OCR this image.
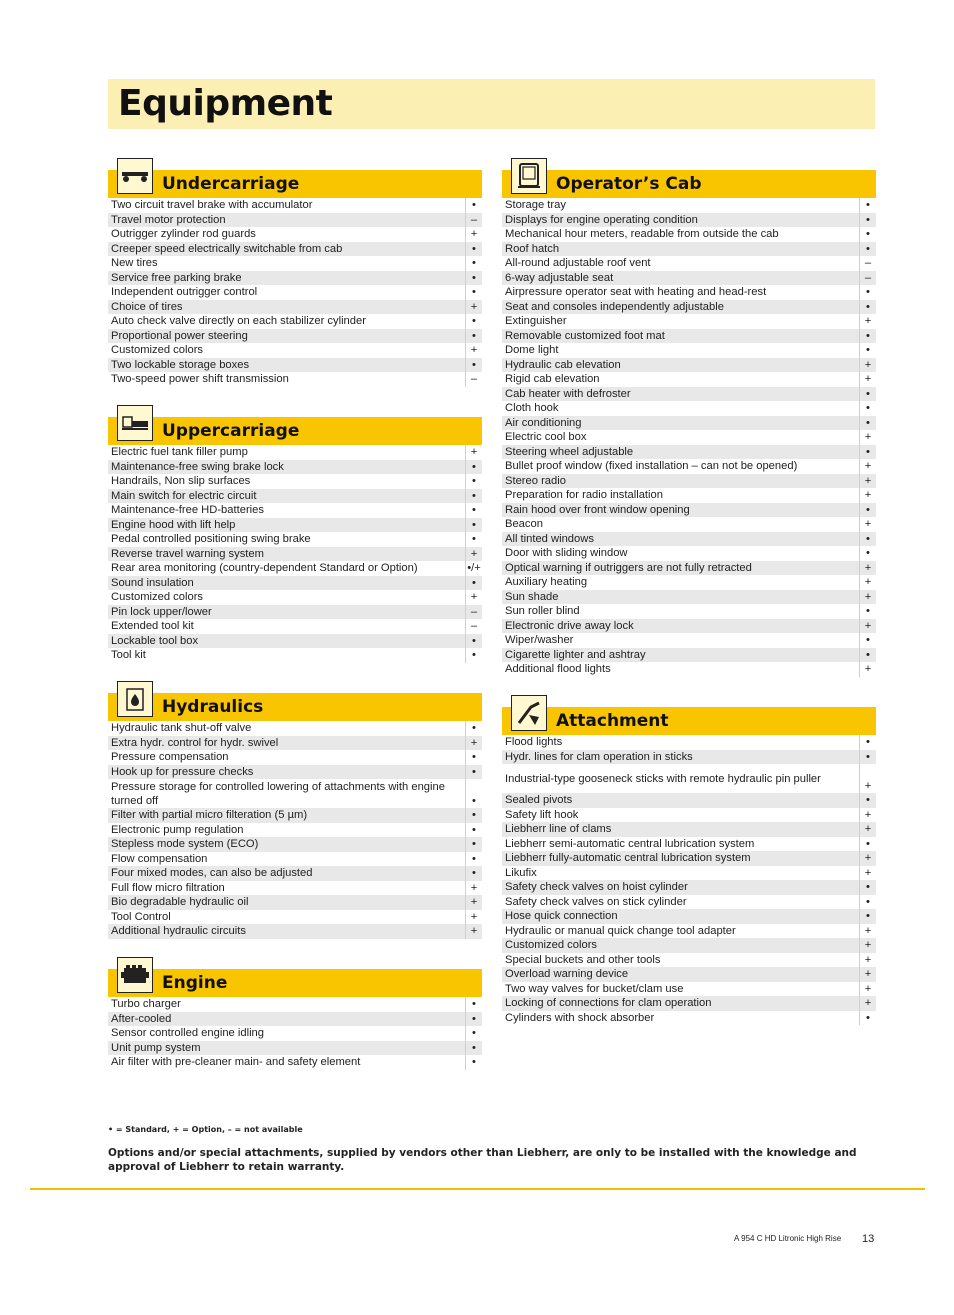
Equipment
Undercarriage
Two circuit travel brake with accumulator	•
Travel motor protection	–
Outrigger zylinder rod guards	+
Creeper speed electrically switchable from cab	•
New tires	•
Service free parking brake	•
Independent outrigger control	•
Choice of tires	+
Auto check valve directly on each stabilizer cylinder	•
Proportional power steering	•
Customized colors	+
Two lockable storage boxes	•
Two-speed power shift transmission	–
Uppercarriage
Electric fuel tank filler pump	+
Maintenance-free swing brake lock	•
Handrails, Non slip surfaces	•
Main switch for electric circuit	•
Maintenance-free HD-batteries	•
Engine hood with lift help	•
Pedal controlled positioning swing brake	•
Reverse travel warning system	+
Rear area monitoring (country-dependent Standard or Option)	•/+
Sound insulation	•
Customized colors	+
Pin lock upper/lower	–
Extended tool kit	–
Lockable tool box	•
Tool kit	•
Hydraulics
Hydraulic tank shut-off valve	•
Extra hydr. control for hydr. swivel	+
Pressure compensation	•
Hook up for pressure checks	•
Pressure storage for controlled lowering of attachments with engine turned off	•
Filter with partial micro filteration (5 µm)	•
Electronic pump regulation	•
Stepless mode system (ECO)	•
Flow compensation	•
Four mixed modes, can also be adjusted	•
Full flow micro filtration	+
Bio degradable hydraulic oil	+
Tool Control	+
Additional hydraulic circuits	+
Engine
Turbo charger	•
After-cooled	•
Sensor controlled engine idling	•
Unit pump system	•
Air filter with pre-cleaner main- and safety element	•
Operator’s Cab
Storage tray	•
Displays for engine operating condition	•
Mechanical hour meters, readable from outside the cab	•
Roof hatch	•
All-round adjustable roof vent	–
6-way adjustable seat	–
Airpressure operator seat with heating and head-rest	•
Seat and consoles independently adjustable	•
Extinguisher	+
Removable customized foot mat	•
Dome light	•
Hydraulic cab elevation	+
Rigid cab elevation	+
Cab heater with defroster	•
Cloth hook	•
Air conditioning	•
Electric cool box	+
Steering wheel adjustable	•
Bullet proof window (fixed installation – can not be opened)	+
Stereo radio	+
Preparation for radio installation	+
Rain hood over front window opening	•
Beacon	+
All tinted windows	•
Door with sliding window	•
Optical warning if outriggers are not fully retracted	+
Auxiliary heating	+
Sun shade	+
Sun roller blind	•
Electronic drive away lock	+
Wiper/washer	•
Cigarette lighter and ashtray	•
Additional flood lights	+
Attachment
Flood lights	•
Hydr. lines for clam operation in sticks	•
Industrial-type gooseneck sticks with remote hydraulic pin puller	+
Sealed pivots	•
Safety lift hook	+
Liebherr line of clams	+
Liebherr semi-automatic central lubrication system	•
Liebherr fully-automatic central lubrication system	+
Likufix	+
Safety check valves on hoist cylinder	•
Safety check valves on stick cylinder	•
Hose quick connection	•
Hydraulic or manual quick change tool adapter	+
Customized colors	+
Special buckets and other tools	+
Overload warning device	+
Two way valves for bucket/clam use	+
Locking of connections for clam operation	+
Cylinders with shock absorber	•
• = Standard, + = Option, – = not available
Options and/or special attachments, supplied by vendors other than Liebherr, are only to be installed with the knowledge and approval of Liebherr to retain warranty.
A 954 C HD Litronic High Rise 13
